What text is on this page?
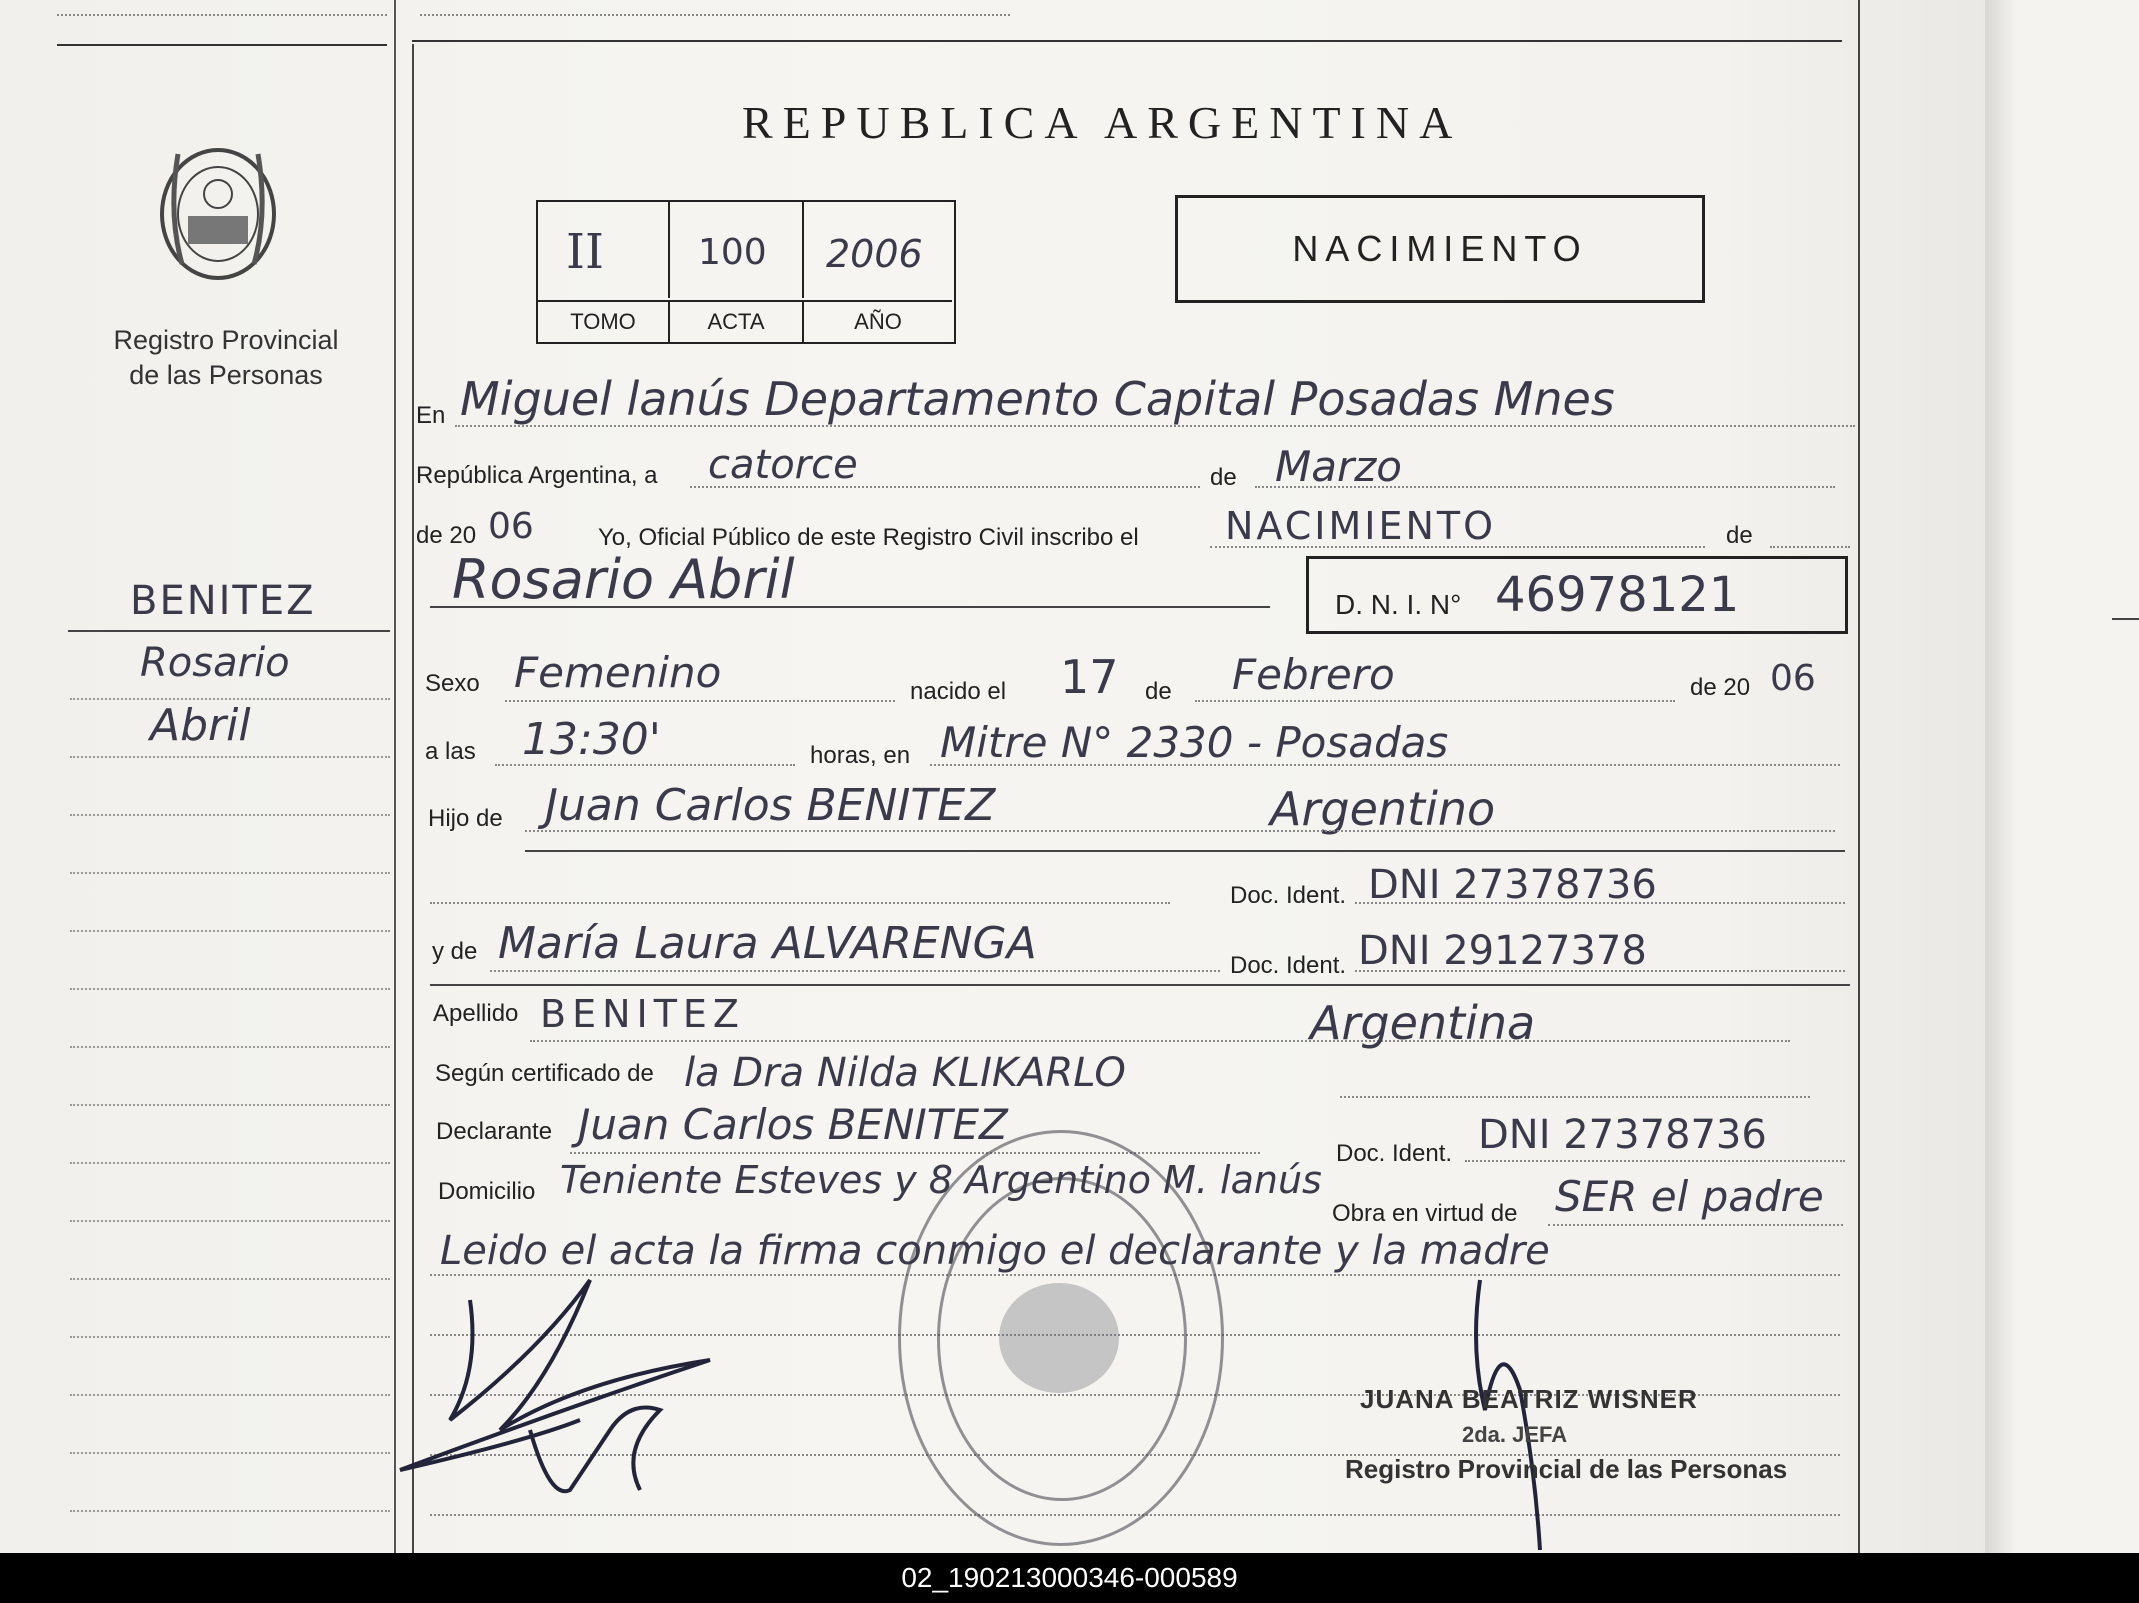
Registro Provincial
de las Personas
BENITEZ
Rosario
Abril
REPUBLICA ARGENTINA
II	100 2006
TOMO	ACTA	AÑO
NACIMIENTO
En Miguel lanús Departamento Capital Posadas Mnes
República Argentina, a catorce	de Marzo
de 20 06	Yo, Oficial Público de este Registro Civil inscribo el NACIMIENTO	de
Rosario Abril	D. N. I. N° 46978121
Sexo Femenino	nacido el 17 de Febrero	de 20 06
a las 13:30'	horas, en Mitre N° 2330 - Posadas
Hijo de Juan Carlos BENITEZ	Argentino
Doc. Ident. DNI 27378736
y de María Laura ALVARENGA	Doc. Ident. DNI 29127378
Apellido BENITEZ	Argentina
Según certificado de la Dra Nilda KLIKARLO
Declarante Juan Carlos BENITEZ
Doc. Ident. DNI 27378736
Domicilio Teniente Esteves y 8 Argentino M. lanús
Obra en virtud de SER el padre
Leido el acta la firma conmigo el declarante y la madre
JUANA BEATRIZ WISNER
2da. JEFA
Registro Provincial de las Personas
02_190213000346-000589
